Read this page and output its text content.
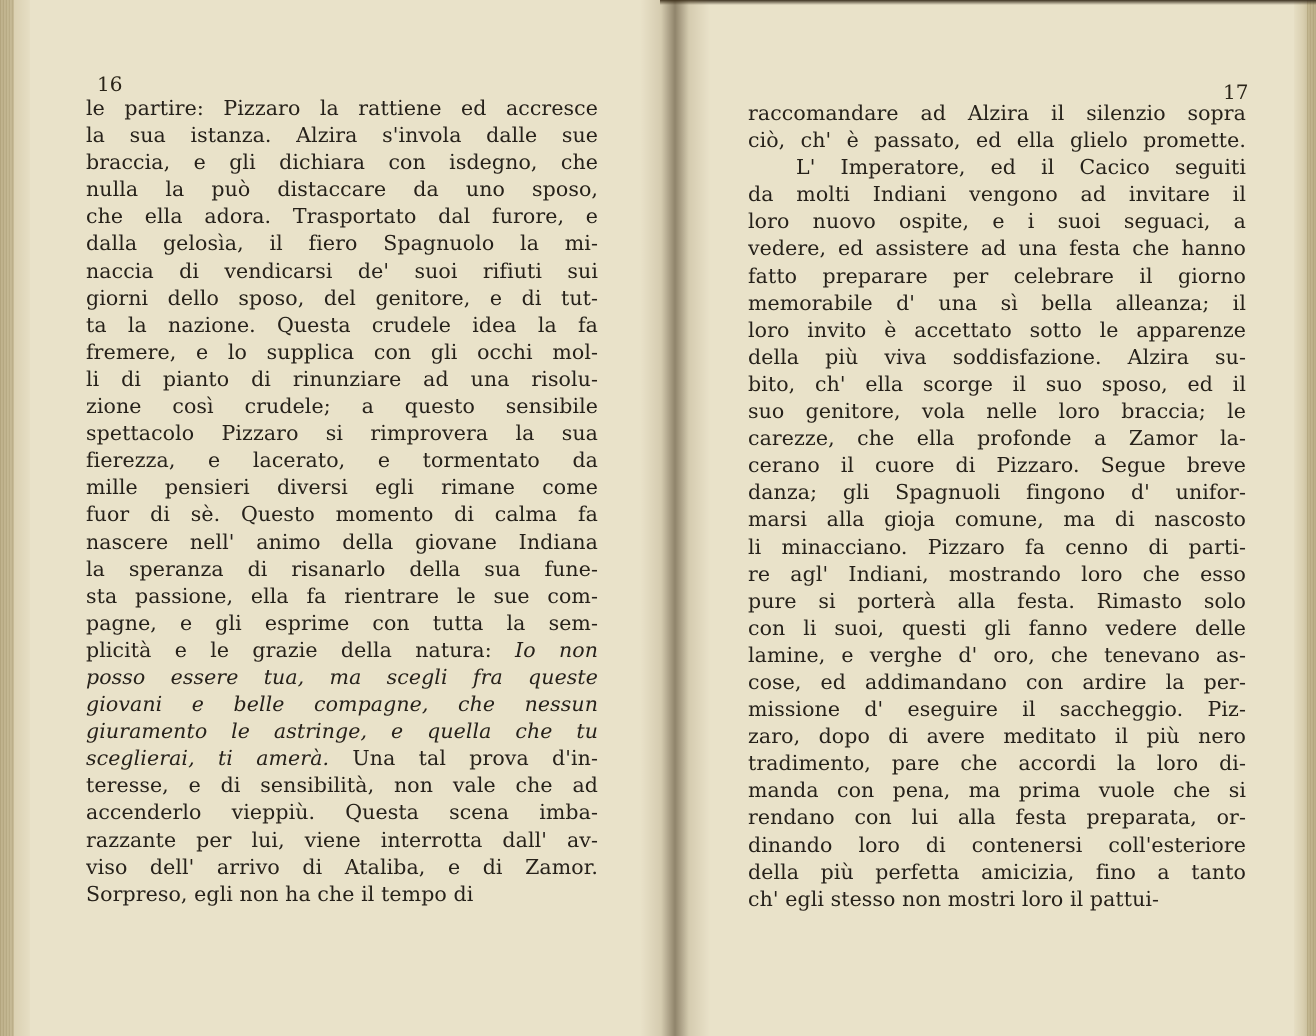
16

le partire: Pizzaro la rattiene ed accresce
la sua istanza. Alzira s'invola dalle sue
braccia, e gli dichiara con isdegno, che
nulla la può distaccare da uno sposo,
che ella adora. Trasportato dal furore, e
dalla gelosìa, il fiero Spagnuolo la mi-
naccia di vendicarsi de' suoi rifiuti sui
giorni dello sposo, del genitore, e di tut-
ta la nazione. Questa crudele idea la fa
fremere, e lo supplica con gli occhi mol-
li di pianto di rinunziare ad una risolu-
zione così crudele; a questo sensibile
spettacolo Pizzaro si rimprovera la sua
fierezza, e lacerato, e tormentato da
mille pensieri diversi egli rimane come
fuor di sè. Questo momento di calma fa
nascere nell' animo della giovane Indiana
la speranza di risanarlo della sua fune-
sta passione, ella fa rientrare le sue com-
pagne, e gli esprime con tutta la sem-
plicità e le grazie della natura: Io non
posso essere tua, ma scegli fra queste
giovani e belle compagne, che nessun
giuramento le astringe, e quella che tu
sceglierai, ti amerà. Una tal prova d'in-
teresse, e di sensibilità, non vale che ad
accenderlo vieppiù. Questa scena imba-
razzante per lui, viene interrotta dall' av-
viso dell' arrivo di Ataliba, e di Zamor.
Sorpreso, egli non ha che il tempo di

17

raccomandare ad Alzira il silenzio sopra
ciò, ch' è passato, ed ella glielo promette.
L' Imperatore, ed il Cacico seguiti
da molti Indiani vengono ad invitare il
loro nuovo ospite, e i suoi seguaci, a
vedere, ed assistere ad una festa che hanno
fatto preparare per celebrare il giorno
memorabile d' una sì bella alleanza; il
loro invito è accettato sotto le apparenze
della più viva soddisfazione. Alzira su-
bito, ch' ella scorge il suo sposo, ed il
suo genitore, vola nelle loro braccia; le
carezze, che ella profonde a Zamor la-
cerano il cuore di Pizzaro. Segue breve
danza; gli Spagnuoli fingono d' unifor-
marsi alla gioja comune, ma di nascosto
li minacciano. Pizzaro fa cenno di parti-
re agl' Indiani, mostrando loro che esso
pure si porterà alla festa. Rimasto solo
con li suoi, questi gli fanno vedere delle
lamine, e verghe d' oro, che tenevano as-
cose, ed addimandano con ardire la per-
missione d' eseguire il saccheggio. Piz-
zaro, dopo di avere meditato il più nero
tradimento, pare che accordi la loro di-
manda con pena, ma prima vuole che si
rendano con lui alla festa preparata, or-
dinando loro di contenersi coll'esteriore
della più perfetta amicizia, fino a tanto
ch' egli stesso non mostri loro il pattui-
